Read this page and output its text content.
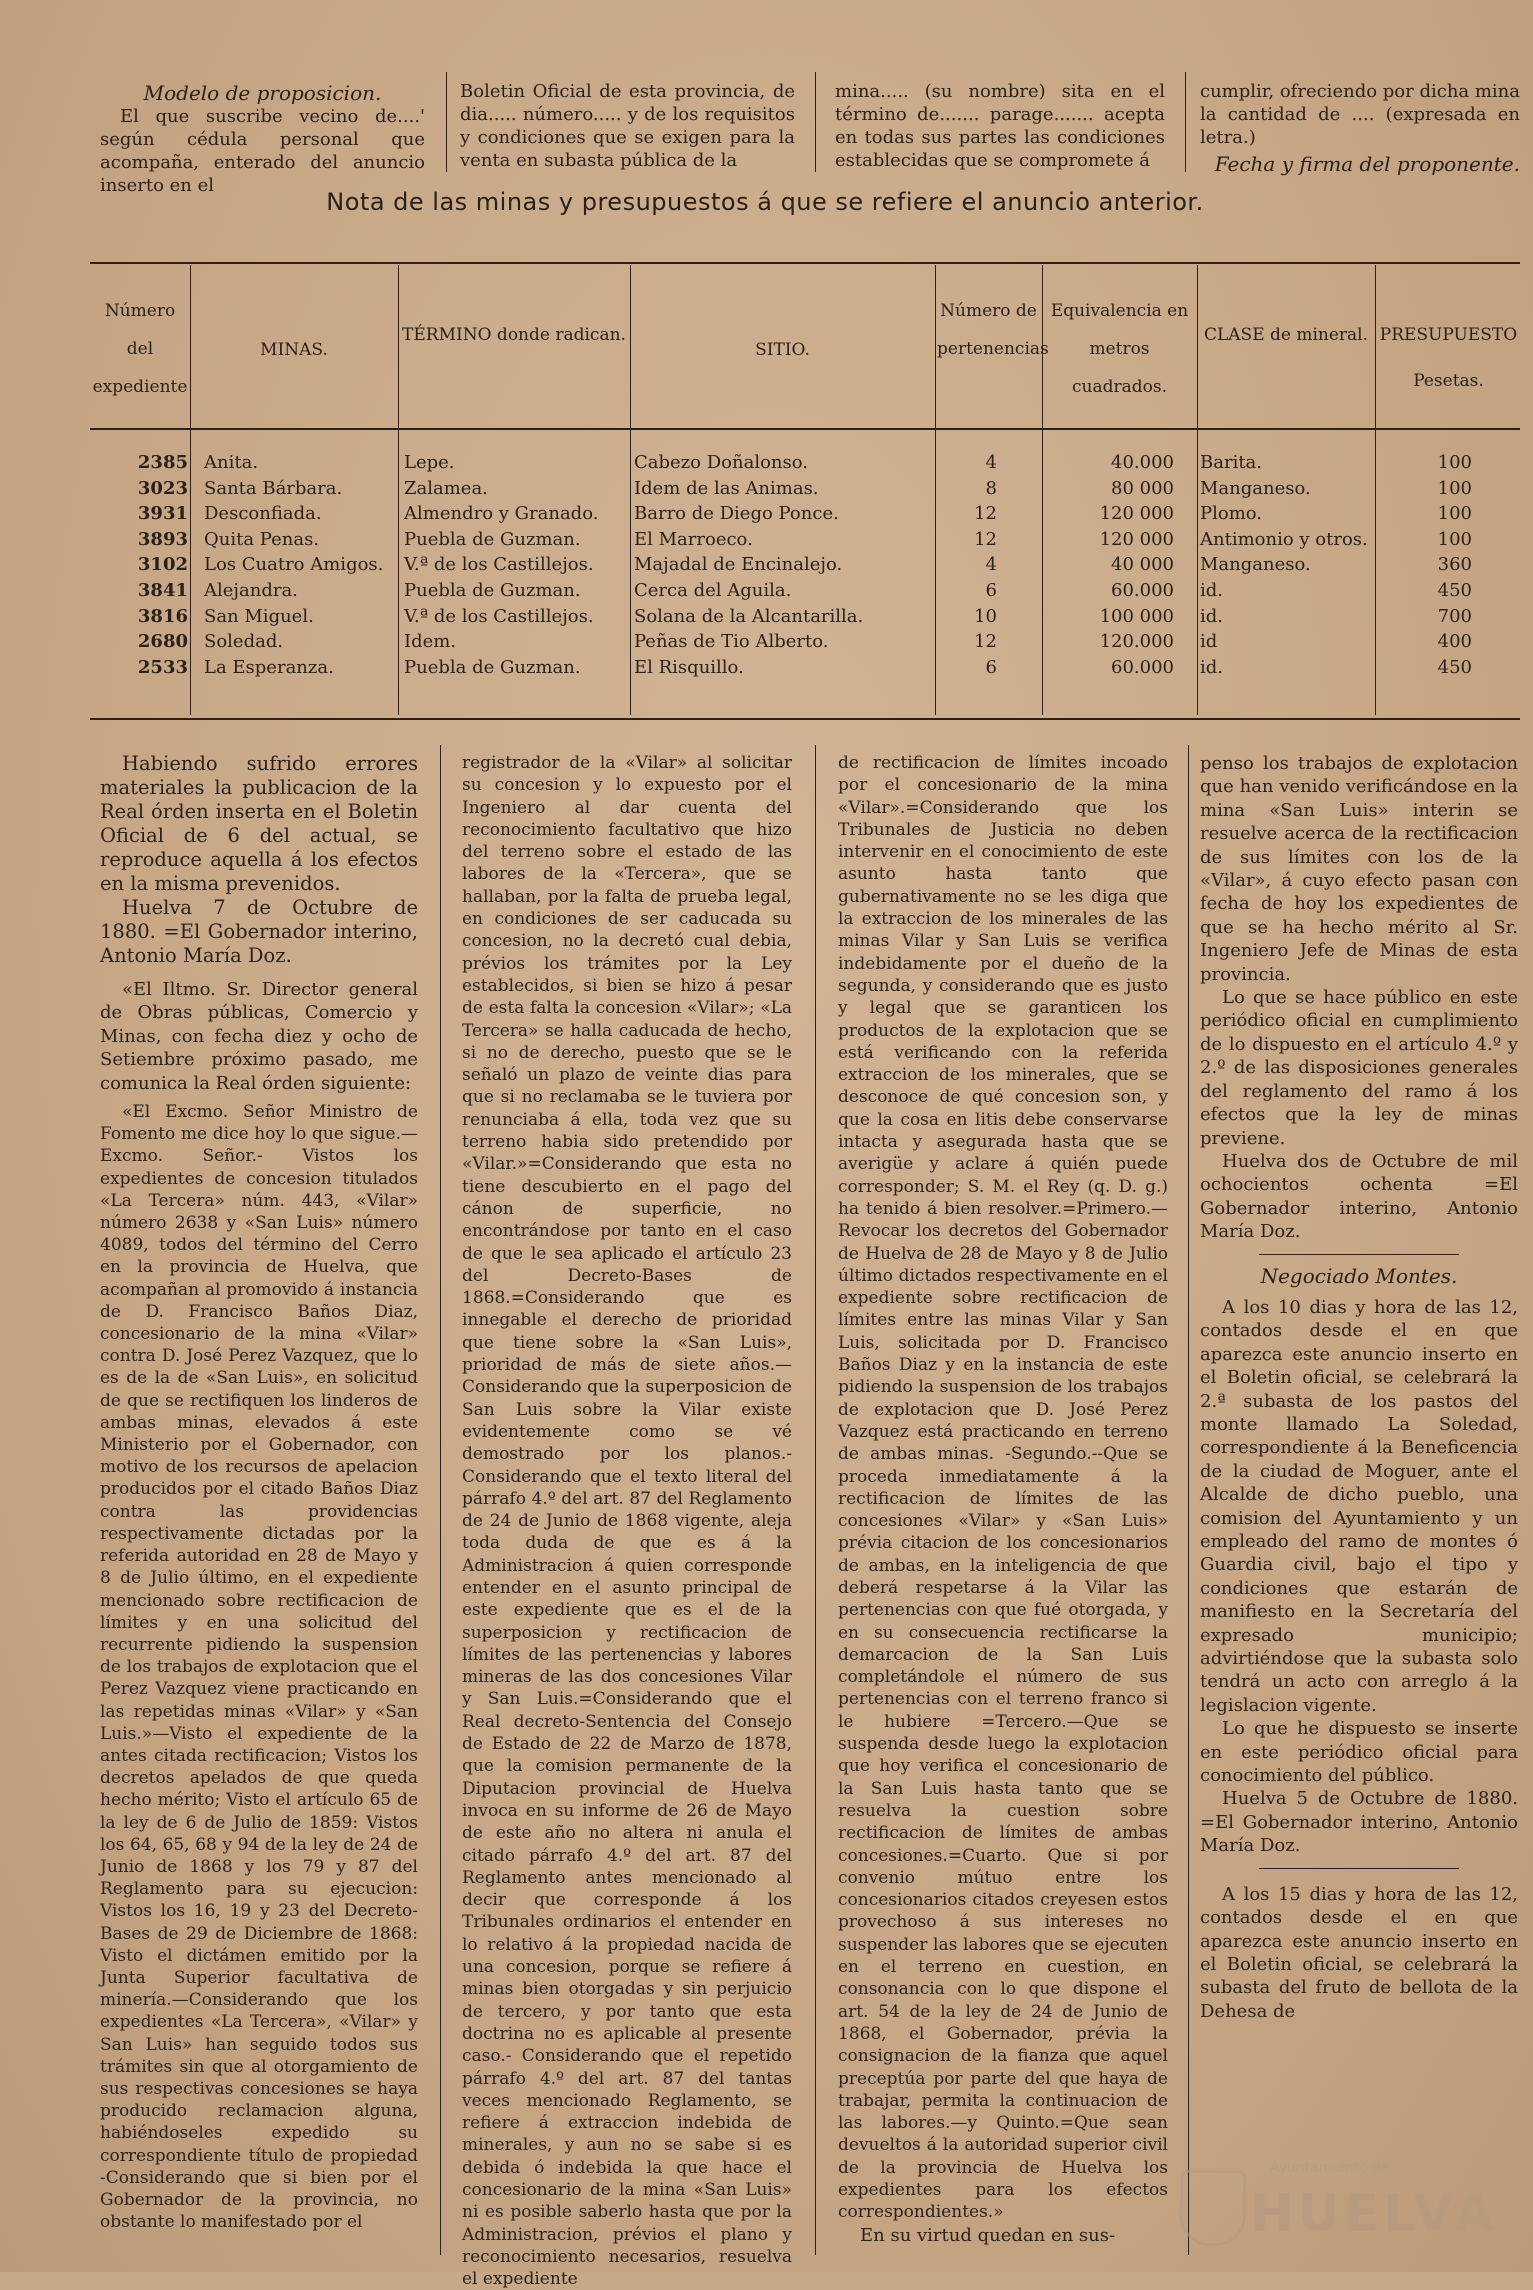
Modelo de proposicion.

El que suscribe vecino de....' según cédula personal que acompaña, enterado del anuncio inserto en el

Boletin Oficial de esta provincia, de dia..... número..... y de los requisitos y condiciones que se exigen para la venta en subasta pública de la

mina..... (su nombre) sita en el término de....... parage....... acepta en todas sus partes las condiciones establecidas que se compromete á

cumplir, ofreciendo por dicha mina la cantidad de .... (expresada en letra.)

Fecha y firma del proponente.

Nota de las minas y presupuestos á que se refiere el anuncio anterior.
Número del expediente
MINAS.
TÉRMINO donde radican.
SITIO.
Número de pertenencias
Equivalencia en metros cuadrados.
CLASE de mineral. PRESUPUESTO Pesetas.
2385 Anita.	Lepe.	Cabezo Doñalonso.	4	40.000 Barita.	100
3023 Santa Bárbara.	Zalamea.	Idem de las Animas.	8	80 000 Manganeso.	100
3931 Desconfiada.	Almendro y Granado.	Barro de Diego Ponce.	12	120 000 Plomo.	100
3893 Quita Penas.	Puebla de Guzman.	El Marroeco.	12	120 000 Antimonio y otros.	100
3102 Los Cuatro Amigos.	V.ª de los Castillejos.	Majadal de Encinalejo.	4	40 000 Manganeso.	360
3841 Alejandra.	Puebla de Guzman.	Cerca del Aguila.	6	60.000 id.	450
3816 San Miguel.	V.ª de los Castillejos.	Solana de la Alcantarilla.	10	100 000 id.	700
2680 Soledad.	Idem.	Peñas de Tio Alberto.	12	120.000 id	400
2533 La Esperanza.	Puebla de Guzman.	El Risquillo.	6	60.000 id.	450

Habiendo sufrido errores materiales la publicacion de la Real órden inserta en el Boletin Oficial de 6 del actual, se reproduce aquella á los efectos en la misma prevenidos.

Huelva 7 de Octubre de 1880. =El Gobernador interino, Antonio María Doz.

«El Iltmo. Sr. Director general de Obras públicas, Comercio y Minas, con fecha diez y ocho de Setiembre próximo pasado, me comunica la Real órden siguiente:

«El Excmo. Señor Ministro de Fomento me dice hoy lo que sigue.— Excmo. Señor.- Vistos los expedientes de concesion titulados «La Tercera» núm. 443, «Vilar» número 2638 y «San Luis» número 4089, todos del término del Cerro en la provincia de Huelva, que acompañan al promovido á instancia de D. Francisco Baños Diaz, concesionario de la mina «Vilar» contra D. José Perez Vazquez, que lo es de la de «San Luis», en solicitud de que se rectifiquen los linderos de ambas minas, elevados á este Ministerio por el Gobernador, con motivo de los recursos de apelacion producidos por el citado Baños Diaz contra las providencias respectivamente dictadas por la referida autoridad en 28 de Mayo y 8 de Julio último, en el expediente mencionado sobre rectificacion de límites y en una solicitud del recurrente pidiendo la suspension de los trabajos de explotacion que el Perez Vazquez viene practicando en las repetidas minas «Vilar» y «San Luis.»—Visto el expediente de la antes citada rectificacion; Vistos los decretos apelados de que queda hecho mérito; Visto el artículo 65 de la ley de 6 de Julio de 1859: Vistos los 64, 65, 68 y 94 de la ley de 24 de Junio de 1868 y los 79 y 87 del Reglamento para su ejecucion: Vistos los 16, 19 y 23 del Decreto-Bases de 29 de Diciembre de 1868: Visto el dictámen emitido por la Junta Superior facultativa de minería.—Considerando que los expedientes «La Tercera», «Vilar» y San Luis» han seguido todos sus trámites sin que al otorgamiento de sus respectivas concesiones se haya producido reclamacion alguna, habiéndoseles expedido su correspondiente título de propiedad -Considerando que si bien por el Gobernador de la provincia, no obstante lo manifestado por el

registrador de la «Vilar» al solicitar su concesion y lo expuesto por el Ingeniero al dar cuenta del reconocimiento facultativo que hizo del terreno sobre el estado de las labores de la «Tercera», que se hallaban, por la falta de prueba legal, en condiciones de ser caducada su concesion, no la decretó cual debia, prévios los trámites por la Ley establecidos, si bien se hizo á pesar de esta falta la concesion «Vilar»; «La Tercera» se halla caducada de hecho, si no de derecho, puesto que se le señaló un plazo de veinte dias para que si no reclamaba se le tuviera por renunciaba á ella, toda vez que su terreno habia sido pretendido por «Vilar.»=Considerando que esta no tiene descubierto en el pago del cánon de superficie, no encontrándose por tanto en el caso de que le sea aplicado el artículo 23 del Decreto-Bases de 1868.=Considerando que es innegable el derecho de prioridad que tiene sobre la «San Luis», prioridad de más de siete años.—Considerando que la superposicion de San Luis sobre la Vilar existe evidentemente como se vé demostrado por los planos.-Considerando que el texto literal del párrafo 4.º del art. 87 del Reglamento de 24 de Junio de 1868 vigente, aleja toda duda de que es á la Administracion á quien corresponde entender en el asunto principal de este expediente que es el de la superposicion y rectificacion de límites de las pertenencias y labores mineras de las dos concesiones Vilar y San Luis.=Considerando que el Real decreto-Sentencia del Consejo de Estado de 22 de Marzo de 1878, que la comision permanente de la Diputacion provincial de Huelva invoca en su informe de 26 de Mayo de este año no altera ni anula el citado párrafo 4.º del art. 87 del Reglamento antes mencionado al decir que corresponde á los Tribunales ordinarios el entender en lo relativo á la propiedad nacida de una concesion, porque se refiere á minas bien otorgadas y sin perjuicio de tercero, y por tanto que esta doctrina no es aplicable al presente caso.- Considerando que el repetido párrafo 4.º del art. 87 del tantas veces mencionado Reglamento, se refiere á extraccion indebida de minerales, y aun no se sabe si es debida ó indebida la que hace el concesionario de la mina «San Luis» ni es posible saberlo hasta que por la Administracion, prévios el plano y reconocimiento necesarios, resuelva el expediente

de rectificacion de límites incoado por el concesionario de la mina «Vilar».=Considerando que los Tribunales de Justicia no deben intervenir en el conocimiento de este asunto hasta tanto que gubernativamente no se les diga que la extraccion de los minerales de las minas Vilar y San Luis se verifica indebidamente por el dueño de la segunda, y considerando que es justo y legal que se garanticen los productos de la explotacion que se está verificando con la referida extraccion de los minerales, que se desconoce de qué concesion son, y que la cosa en litis debe conservarse intacta y asegurada hasta que se averigüe y aclare á quién puede corresponder; S. M. el Rey (q. D. g.) ha tenido á bien resolver.=Primero.—Revocar los decretos del Gobernador de Huelva de 28 de Mayo y 8 de Julio último dictados respectivamente en el expediente sobre rectificacion de límites entre las minas Vilar y San Luis, solicitada por D. Francisco Baños Diaz y en la instancia de este pidiendo la suspension de los trabajos de explotacion que D. José Perez Vazquez está practicando en terreno de ambas minas. -Segundo.--Que se proceda inmediatamente á la rectificacion de límites de las concesiones «Vilar» y «San Luis» prévia citacion de los concesionarios de ambas, en la inteligencia de que deberá respetarse á la Vilar las pertenencias con que fué otorgada, y en su consecuencia rectificarse la demarcacion de la San Luis completándole el número de sus pertenencias con el terreno franco si le hubiere =Tercero.—Que se suspenda desde luego la explotacion que hoy verifica el concesionario de la San Luis hasta tanto que se resuelva la cuestion sobre rectificacion de límites de ambas concesiones.=Cuarto. Que si por convenio mútuo entre los concesionarios citados creyesen estos provechoso á sus intereses no suspender las labores que se ejecuten en el terreno en cuestion, en consonancia con lo que dispone el art. 54 de la ley de 24 de Junio de 1868, el Gobernador, prévia la consignacion de la fianza que aquel preceptúa por parte del que haya de trabajar, permita la continuacion de las labores.—y Quinto.=Que sean devueltos á la autoridad superior civil de la provincia de Huelva los expedientes para los efectos correspondientes.»

En su virtud quedan en sus-

penso los trabajos de explotacion que han venido verificándose en la mina «San Luis» interin se resuelve acerca de la rectificacion de sus límites con los de la «Vilar», á cuyo efecto pasan con fecha de hoy los expedientes de que se ha hecho mérito al Sr. Ingeniero Jefe de Minas de esta provincia.

Lo que se hace público en este periódico oficial en cumplimiento de lo dispuesto en el artículo 4.º y 2.º de las disposiciones generales del reglamento del ramo á los efectos que la ley de minas previene.

Huelva dos de Octubre de mil ochocientos ochenta =El Gobernador interino, Antonio María Doz.

Negociado Montes.

A los 10 dias y hora de las 12, contados desde el en que aparezca este anuncio inserto en el Boletin oficial, se celebrará la 2.ª subasta de los pastos del monte llamado La Soledad, correspondiente á la Beneficencia de la ciudad de Moguer, ante el Alcalde de dicho pueblo, una comision del Ayuntamiento y un empleado del ramo de montes ó Guardia civil, bajo el tipo y condiciones que estarán de manifiesto en la Secretaría del expresado municipio; advirtiéndose que la subasta solo tendrá un acto con arreglo á la legislacion vigente.

Lo que he dispuesto se inserte en este periódico oficial para conocimiento del público.

Huelva 5 de Octubre de 1880. =El Gobernador interino, Antonio María Doz.

A los 15 dias y hora de las 12, contados desde el en que aparezca este anuncio inserto en el Boletin oficial, se celebrará la subasta del fruto de bellota de la Dehesa de

Ayuntamiento de
HUELVA
